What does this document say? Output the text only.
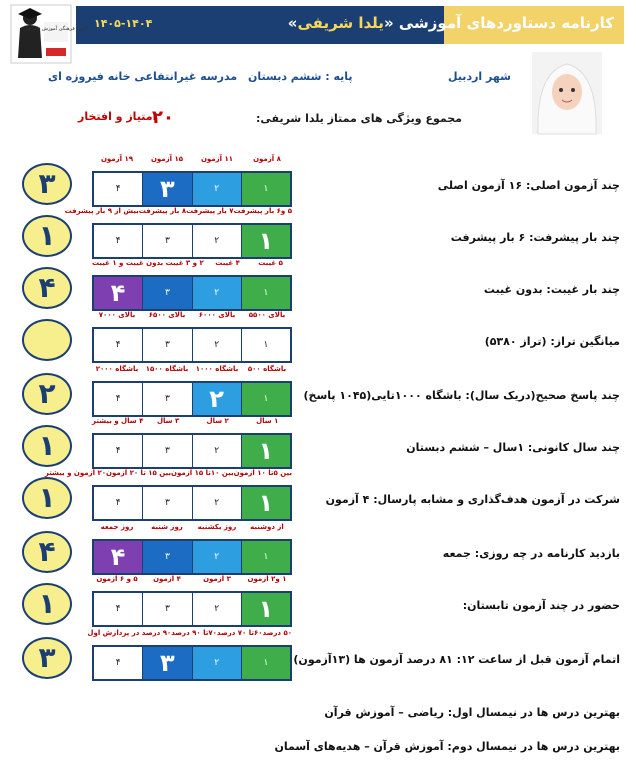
کارنامه دستاوردهای آموزشی «یلدا شریفی»
۱۴۰۵-۱۴۰۴
کانون فرهنگی آموزش قلم چی
شهر اردبیل
پایه : ششم دبستان
مدرسه غیرانتفاعی خانه فیروزه ای
مجموع ویژگی های ممتاز یلدا شریفی:
۲۰
امتیاز و افتخار
۳
۸ آزمون
۱۱ آزمون
۱۵ آزمون
۱۹ آزمون
۱
۲
۳
۴	چند آزمون اصلی: ۱۶ آزمون اصلی
۱
۵ و۶ بار پیشرفت
۷ بار پیشرفت
۸ بار پیشرفت
بیش از ۹ بار پیشرفت
۱
۲
۳
۴	چند بار پیشرفت: ۶ بار پیشرفت
۴
۵ غیبت
۴ غیبت
۲ و ۳ غیبت
بدون غیبت و ۱ غیبت
۱
۲
۳
۴	چند بار غیبت: بدون غیبت
بالای ۵۵۰۰
بالای ۶۰۰۰
بالای ۶۵۰۰
بالای ۷۰۰۰
۱
۲
۳
۴	میانگین تراز: (تراز ۵۳۸۰)
۲
باشگاه ۵۰۰
باشگاه ۱۰۰۰
باشگاه ۱۵۰۰
باشگاه ۲۰۰۰
۱
۲
۳
۴	چند پاسخ صحیح(دریک سال): باشگاه ۱۰۰۰تایی(۱۰۴۵ پاسخ)
۱
۱ سال
۲ سال
۳ سال
۴ سال و بیشتر
۱
۲
۳
۴	چند سال کانونی: ۱سال – ششم دبستان
۱
بین ۵تا ۱۰ آزمون
بین ۱۰تا ۱۵ آزمون
بین ۱۵ تا ۲۰ آزمون
۲۰ آزمون و بیشتر
۱
۲
۳
۴	شرکت در آزمون هدف‌گذاری و مشابه پارسال: ۴ آزمون
۴
از دوشنبه
روز یکشنبه
روز شنبه
روز جمعه
۱
۲
۳
۴	بازدید کارنامه در چه روزی: جمعه
۱
۱ و۲ آزمون
۳ آزمون
۴ آزمون
۵ و ۶ آزمون
۱
۲
۳
۴	حضور در چند آزمون تابستان:
۳
۵۰ درصد
۶۰تا ۷۰ درصد
۷۰تا ۹۰ درصد
۹۰ درصد در پردازش اول
۱
۲
۳
۴	اتمام آزمون قبل از ساعت ۱۲: ۸۱ درصد آزمون ها (۱۳آزمون)
بهترین درس ها در نیمسال اول: ریاضی – آموزش قرآن
بهترین درس ها در نیمسال دوم: آموزش قرآن – هدیه‌های آسمان
